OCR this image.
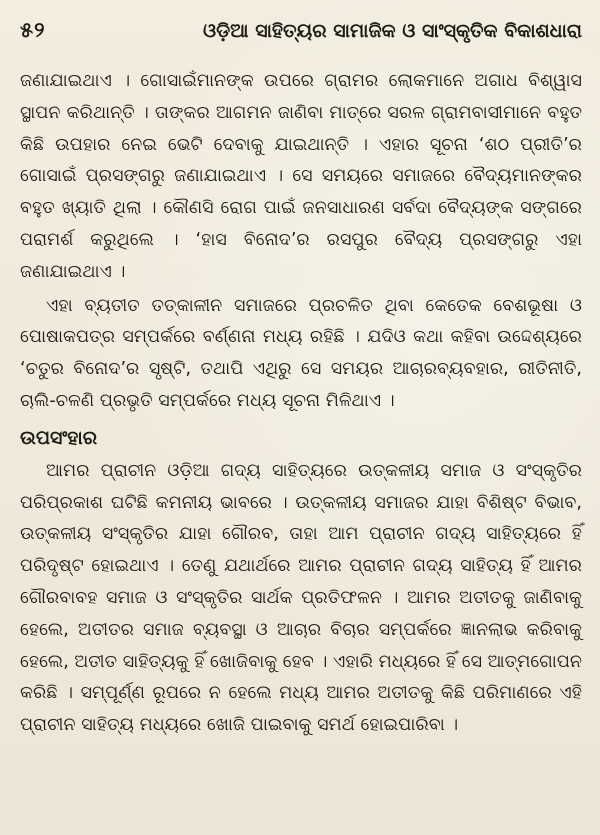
୫୨	ଓଡ଼ିଆ ସାହିତ୍ୟର ସାମାଜିକ ଓ ସାଂସ୍କୃତିକ ବିକାଶଧାରା

ଜଣାଯାଇଥାଏ । ଗୋସାଇଁମାନଙ୍କ ଉପରେ ଗ୍ରାମର ଲୋକମାନେ ଅଗାଧ ବିଶ୍ୱାସ ସ୍ଥାପନ କରିଥାନ୍ତି । ତାଙ୍କର ଆଗମନ ଜାଣିବା ମାତ୍ରେ ସରଳ ଗ୍ରାମବାସୀମାନେ ବହୁତ କିଛି ଉପହାର ନେଇ ଭେଟି ଦେବାକୁ ଯାଇଥାନ୍ତି । ଏହାର ସୂଚନା ‘ଶଠ ପ୍ରୀତି’ର ଗୋସାଇଁ ପ୍ରସଙ୍ଗରୁ ଜଣାଯାଇଥାଏ । ସେ ସମୟରେ ସମାଜରେ ବୈଦ୍ୟମାନଙ୍କର ବହୁତ ଖ୍ୟାତି ଥିଲା । କୌଣସି ରୋଗ ପାଇଁ ଜନସାଧାରଣ ସର୍ବଦା ବୈଦ୍ୟଙ୍କ ସଙ୍ଗରେ ପରାମର୍ଶ କରୁଥିଲେ । ‘ହାସ ବିନୋଦ’ର ରସପୁର ବୈଦ୍ୟ ପ୍ରସଙ୍ଗରୁ ଏହା ଜଣାଯାଇଥାଏ ।

ଏହା ବ୍ୟତୀତ ତତ୍‌କାଳୀନ ସମାଜରେ ପ୍ରଚଳିତ ଥିବା କେତେକ ବେଶଭୂଷା ଓ ପୋଷାକପତ୍ର ସମ୍ପର୍କରେ ବର୍ଣ୍ଣନା ମଧ୍ୟ ରହିଛି । ଯଦିଓ କଥା କହିବା ଉଦ୍ଦେଶ୍ୟରେ ‘ଚତୁର ବିନୋଦ’ର ସୃଷ୍ଟି, ତଥାପି ଏଥିରୁ ସେ ସମୟର ଆଚାରବ୍ୟବହାର, ରୀତିନୀତି, ଚାଲି-ଚଳଣି ପ୍ରଭୃତି ସମ୍ପର୍କରେ ମଧ୍ୟ ସୂଚନା ମିଳିଥାଏ ।

ଉପସଂହାର

ଆମର ପ୍ରାଚୀନ ଓଡ଼ିଆ ଗଦ୍ୟ ସାହିତ୍ୟରେ ଉତ୍କଳୀୟ ସମାଜ ଓ ସଂସ୍କୃତିର ପରିପ୍ରକାଶ ଘଟିଛି କମନୀୟ ଭାବରେ । ଉତ୍କଳୀୟ ସମାଜର ଯାହା ବିଶିଷ୍ଟ ବିଭାବ, ଉତ୍କଳୀୟ ସଂସ୍କୃତିର ଯାହା ଗୌରବ, ତାହା ଆମ ପ୍ରାଚୀନ ଗଦ୍ୟ ସାହିତ୍ୟରେ ହିଁ ପରିଦୃଷ୍ଟ ହୋଇଥାଏ । ତେଣୁ ଯଥାର୍ଥରେ ଆମର ପ୍ରାଚୀନ ଗଦ୍ୟ ସାହିତ୍ୟ ହିଁ ଆମର ଗୌରବାବହ ସମାଜ ଓ ସଂସ୍କୃତିର ସାର୍ଥକ ପ୍ରତିଫଳନ । ଆମର ଅତୀତକୁ ଜାଣିବାକୁ ହେଲେ, ଅତୀତର ସମାଜ ବ୍ୟବସ୍ଥା ଓ ଆଚାର ବିଚାର ସମ୍ପର୍କରେ ଜ୍ଞାନଲାଭ କରିବାକୁ ହେଲେ, ଅତୀତ ସାହିତ୍ୟକୁ ହିଁ ଖୋଜିବାକୁ ହେବ । ଏହାରି ମଧ୍ୟରେ ହିଁ ସେ ଆତ୍ମଗୋପନ କରିଛି । ସମ୍ପୂର୍ଣ୍ଣ ରୂପରେ ନ ହେଲେ ମଧ୍ୟ ଆମର ଅତୀତକୁ କିଛି ପରିମାଣରେ ଏହି ପ୍ରାଚୀନ ସାହିତ୍ୟ ମଧ୍ୟରେ ଖୋଜି ପାଇବାକୁ ସମର୍ଥ ହୋଇପାରିବା ।
